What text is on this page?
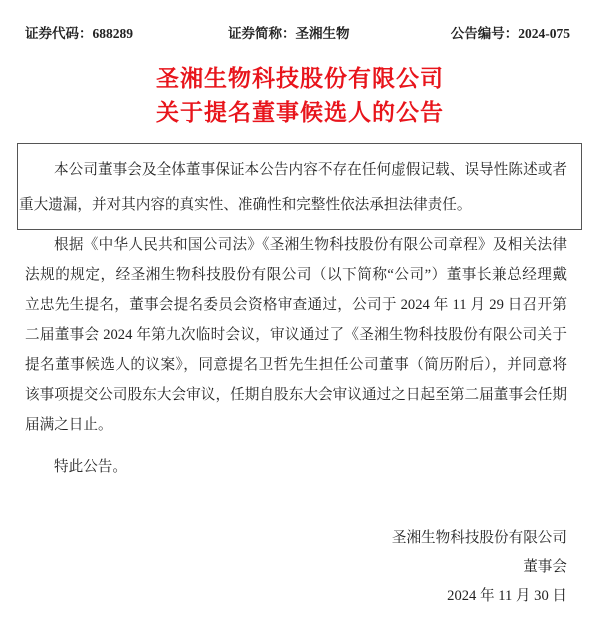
证券代码：688289	证券简称：圣湘生物	公告编号：2024-075
圣湘生物科技股份有限公司
关于提名董事候选人的公告
本公司董事会及全体董事保证本公告内容不存在任何虚假记载、误导性陈述或者
重大遗漏，并对其内容的真实性、准确性和完整性依法承担法律责任。
根据《中华人民共和国公司法》《圣湘生物科技股份有限公司章程》及相关法律
法规的规定，经圣湘生物科技股份有限公司（以下简称“公司”）董事长兼总经理戴
立忠先生提名，董事会提名委员会资格审查通过，公司于 2024 年 11 月 29 日召开第
二届董事会 2024 年第九次临时会议，审议通过了《圣湘生物科技股份有限公司关于
提名董事候选人的议案》，同意提名卫哲先生担任公司董事（简历附后），并同意将
该事项提交公司股东大会审议，任期自股东大会审议通过之日起至第二届董事会任期
届满之日止。
特此公告。
圣湘生物科技股份有限公司
董事会
2024 年 11 月 30 日
